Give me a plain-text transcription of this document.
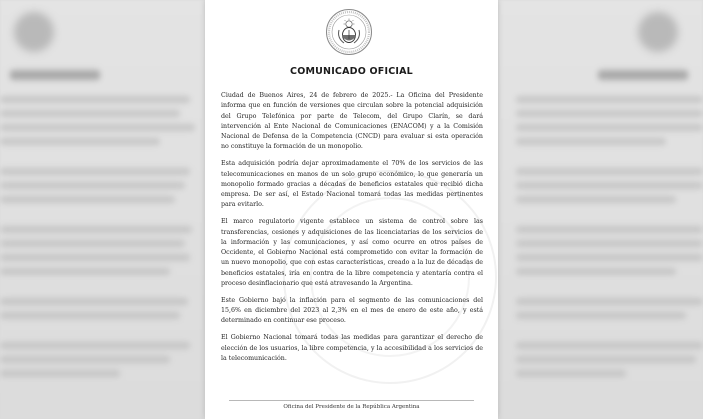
COMUNICADO OFICIAL

Ciudad de Buenos Aires, 24 de febrero de 2025.- La Oficina del Presidente informa que en función de versiones que circulan sobre la potencial adquisición del Grupo Telefónica por parte de Telecom, del Grupo Clarín, se dará intervención al Ente Nacional de Comunicaciones (ENACOM) y a la Comisión Nacional de Defensa de la Competencia (CNCD) para evaluar si esta operación no constituye la formación de un monopolio.

Esta adquisición podría dejar aproximadamente el 70% de los servicios de las telecomunicaciones en manos de un solo grupo económico, lo que generaría un monopolio formado gracias a décadas de beneficios estatales que recibió dicha empresa. De ser así, el Estado Nacional tomará todas las medidas pertinentes para evitarlo.

El marco regulatorio vigente establece un sistema de control sobre las transferencias, cesiones y adquisiciones de las licenciatarias de los servicios de la información y las comunicaciones, y así como ocurre en otros países de Occidente, el Gobierno Nacional está comprometido con evitar la formación de un nuevo monopolio, que con estas características, creado a la luz de décadas de beneficios estatales, iría en contra de la libre competencia y atentaría contra el proceso desinflacionario que está atravesando la Argentina.

Este Gobierno bajó la inflación para el segmento de las comunicaciones del 15,6% en diciembre del 2023 al 2,3% en el mes de enero de este año, y está determinado en continuar ese proceso.

El Gobierno Nacional tomará todas las medidas para garantizar el derecho de elección de los usuarios, la libre competencia, y la accesibilidad a los servicios de la telecomunicación.

Oficina del Presidente de la República Argentina
